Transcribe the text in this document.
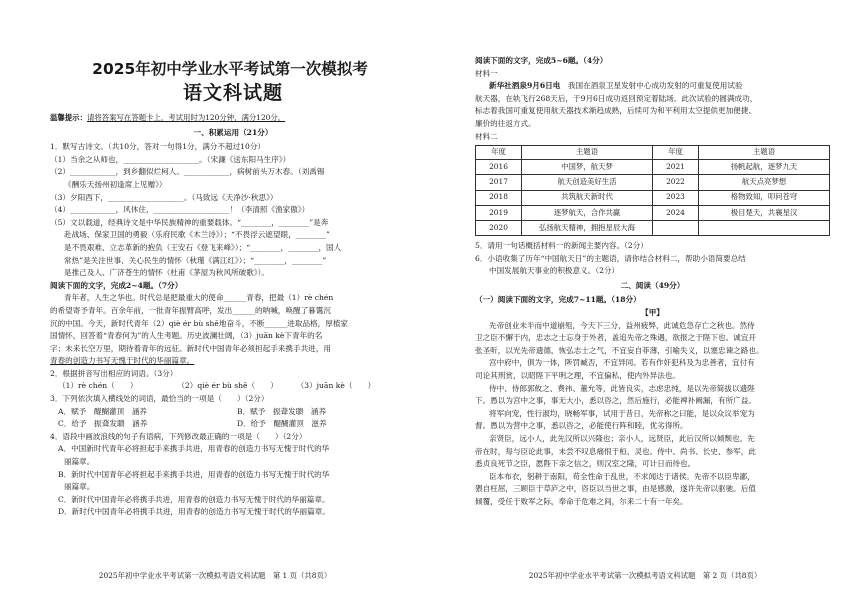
2025年初中学业水平考试第一次模拟考
语文科试题
温馨提示：请将答案写在答题卡上，考试用时为120分钟，满分120分。
一、积累运用（21分）
1．默写古诗文。（共10分，答对一句得1分，满分不超过10分）
（1）当余之从师也，____________________。（宋濂《送东阳马生序》）
（2）____________，到乡翻似烂柯人。____________，病树前头万木春。（刘禹锡
《酬乐天扬州初逢席上见赠》）
（3）夕阳西下，____________________。（马致远《天净沙·秋思》）
（4）____________，风休住，____________________！（李清照《渔家傲》）
（5）文以载道，经典诗文是中华民族精神的重要载体。“________，________”是奔
赴战场、保家卫国的勇毅（乐府民歌《木兰诗》）；“不畏浮云遮望眼，________”
是不畏艰难、立志革新的抱负（王安石《登飞来峰》）；“________，________，国人
常热”是关注世事、关心民生的情怀（秋瑾《满江红》）；“________，________”
是推己及人、广济苍生的情怀（杜甫《茅屋为秋风所破歌》）。
阅读下面的文字，完成2~4题。（7分）
青年者，人生之华也。时代总是把最重大的使命______青春，把最（1）rè chén
的希望寄予青年。百余年前，一批青年振臂高呼，发出______的呐喊，唤醒了暮霭沉
沉的中国。今天，新时代青年（2）qiè ér bù shě地奋斗，不断______进取品格，厚植家
国情怀，回答着“青春何为”的人生考题。历史波澜壮阔，（3）juān kè下青年的名
字；未来长空万里，期待着青年的远征。新时代中国青年必须担起手来携手共进，用
青春的创造力书写无愧于时代的华丽篇章。
2．根据拼音写出相应的词语。（3分）
（1）rè chén（　　）	（2）qiè ér bù shě（　　）	（3）juān kè（　　）
3．下列依次填入横线处的词语，最恰当的一项是（　　）（2分）
A．赋予　醍醐灌顶　涵养	B．赋予　振聋发聩　涵养
C．给予　振聋发聩　涵养	D．给予　醍醐灌顶　滋养
4．语段中画波浪线的句子有语病，下列修改最正确的一项是（　　）（2分）
A．中国新时代青年必将担起手来携手共进，用青春的创造力书写无愧于时代的华
丽篇章。
B．新时代中国青年必将担起手来携手共进，用青春的创造力书写无愧于时代的华
丽篇章。
C．新时代中国青年必将携手共进，用青春的创造力书写无愧于时代的华丽篇章。
D．新时代中国青年必将携手共进，用青春的创造力书写无愧于时代的华丽篇章。
2025年初中学业水平考试第一次模拟考语文科试题　第 1 页（共8页）
阅读下面的文字，完成5~6题。（4分）
材料一
新华社酒泉9月6日电　我国在酒泉卫星发射中心成功发射的可重复使用试验
航天器，在轨飞行268天后，于9月6日成功返回预定着陆场。此次试验的圆满成功，
标志着我国可重复使用航天器技术渐趋成熟，后续可为和平利用太空提供更加便捷、
廉价的往返方式。
材料二
年度	主题语	年度	主题语
2016	中国梦，航天梦	2021	扬帆起航，逐梦九天
2017	航天创造美好生活	2022	航天点亮梦想
2018	共筑航天新时代	2023	格物致知，叩问苍穹
2019	逐梦航天，合作共赢	2024	极目楚天，共襄星汉
2020	弘扬航天精神，拥抱星辰大海		
5．请用一句话概括材料一的新闻主要内容。（2分）
6．小语收集了历年“中国航天日”的主题语，请你结合材料二，帮助小语简要总结
中国发展航天事业的积极意义。（2分）
二、阅读（49分）
（一）阅读下面的文字，完成7~11题。（18分）
【甲】
先帝创业未半而中道崩殂，今天下三分，益州疲弊，此诚危急存亡之秋也。然侍
卫之臣不懈于内，忠志之士忘身于外者，盖追先帝之殊遇，欲报之于陛下也。诚宜开
张圣听，以光先帝遗德，恢弘志士之气，不宜妄自菲薄，引喻失义，以塞忠谏之路也。
宫中府中，俱为一体，陟罚臧否，不宜异同。若有作奸犯科及为忠善者，宜付有
司论其刑赏，以昭陛下平明之理，不宜偏私，使内外异法也。
侍中、侍郎郭攸之、费祎、董允等，此皆良实，志虑忠纯，是以先帝简拔以遗陛
下。愚以为宫中之事，事无大小，悉以咨之，然后施行，必能裨补阙漏，有所广益。
将军向宠，性行淑均，晓畅军事，试用于昔日，先帝称之曰能，是以众议举宠为
督。愚以为营中之事，悉以咨之，必能使行阵和睦，优劣得所。
亲贤臣，远小人，此先汉所以兴隆也；亲小人，远贤臣，此后汉所以倾颓也。先
帝在时，每与臣论此事，未尝不叹息痛恨于桓、灵也。侍中、尚书、长史、参军，此
悉贞良死节之臣，愿陛下亲之信之，则汉室之隆，可计日而待也。
臣本布衣，躬耕于南阳，苟全性命于乱世，不求闻达于诸侯。先帝不以臣卑鄙，
猥自枉屈，三顾臣于草庐之中，咨臣以当世之事，由是感激，遂许先帝以驱驰。后值
倾覆，受任于败军之际，奉命于危难之间，尔来二十有一年矣。
2025年初中学业水平考试第一次模拟考语文科试题　第 2 页（共8页）
